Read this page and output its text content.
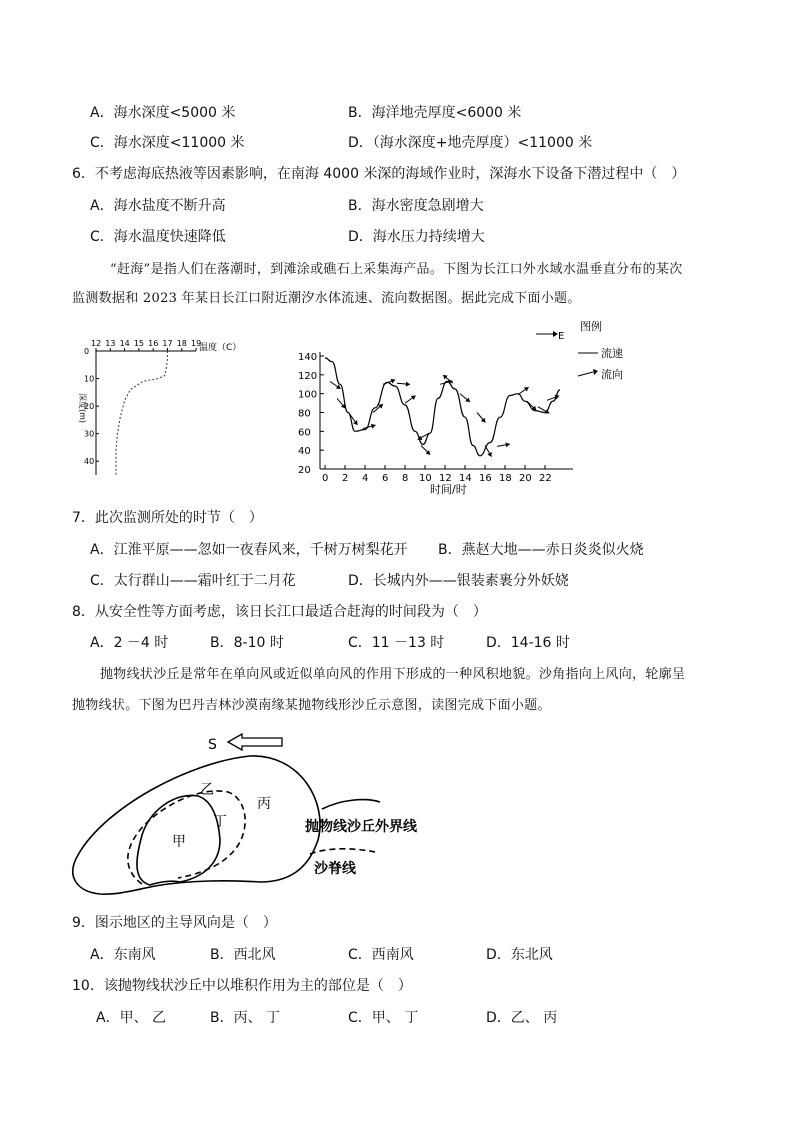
A．海水深度<5000 米	B．海洋地壳厚度<6000 米
C．海水深度<11000 米	D．（海水深度+地壳厚度）<11000 米
6．不考虑海底热液等因素影响，在南海 4000 米深的海域作业时，深海水下设备下潜过程中（　）
A．海水盐度不断升高	B．海水密度急剧增大
C．海水温度快速降低	D．海水压力持续增大
“赶海”是指人们在落潮时，到滩涂或礁石上采集海产品。下图为长江口外水域水温垂直分布的某次
监测数据和 2023 年某日长江口附近潮汐水体流速、流向数据图。据此完成下面小题。
12 13 14 15 16 17 18 19
0
10
20
30
40
温度（C）
深度(m)
0 2 4 6 8 10 12 14 16 18 20 22
20
40
60
80
100
120
140
时间/时
图例
E
流速
流向
7．此次监测所处的时节（　）
A．江淮平原——忽如一夜春风来，千树万树梨花开 B．燕赵大地——赤日炎炎似火烧
C．太行群山——霜叶红于二月花	D．长城内外——银装素裹分外妖娆
8．从安全性等方面考虑，该日长江口最适合赶海的时间段为（　）
A．2 －4 时	B．8-10 时	C．11 －13 时	D．14-16 时
抛物线状沙丘是常年在单向风或近似单向风的作用下形成的一种风积地貌。沙角指向上风向，轮廓呈
抛物线状。下图为巴丹吉林沙漠南缘某抛物线形沙丘示意图，读图完成下面小题。
S
乙
丙
丁
甲
抛物线沙丘外界线
沙脊线
9．图示地区的主导风向是（　）
A．东南风	B．西北风	C．西南风	D．东北风
10．该抛物线状沙丘中以堆积作用为主的部位是（　）
A．甲、 乙	B．丙、 丁	C．甲、 丁	D．乙、 丙
